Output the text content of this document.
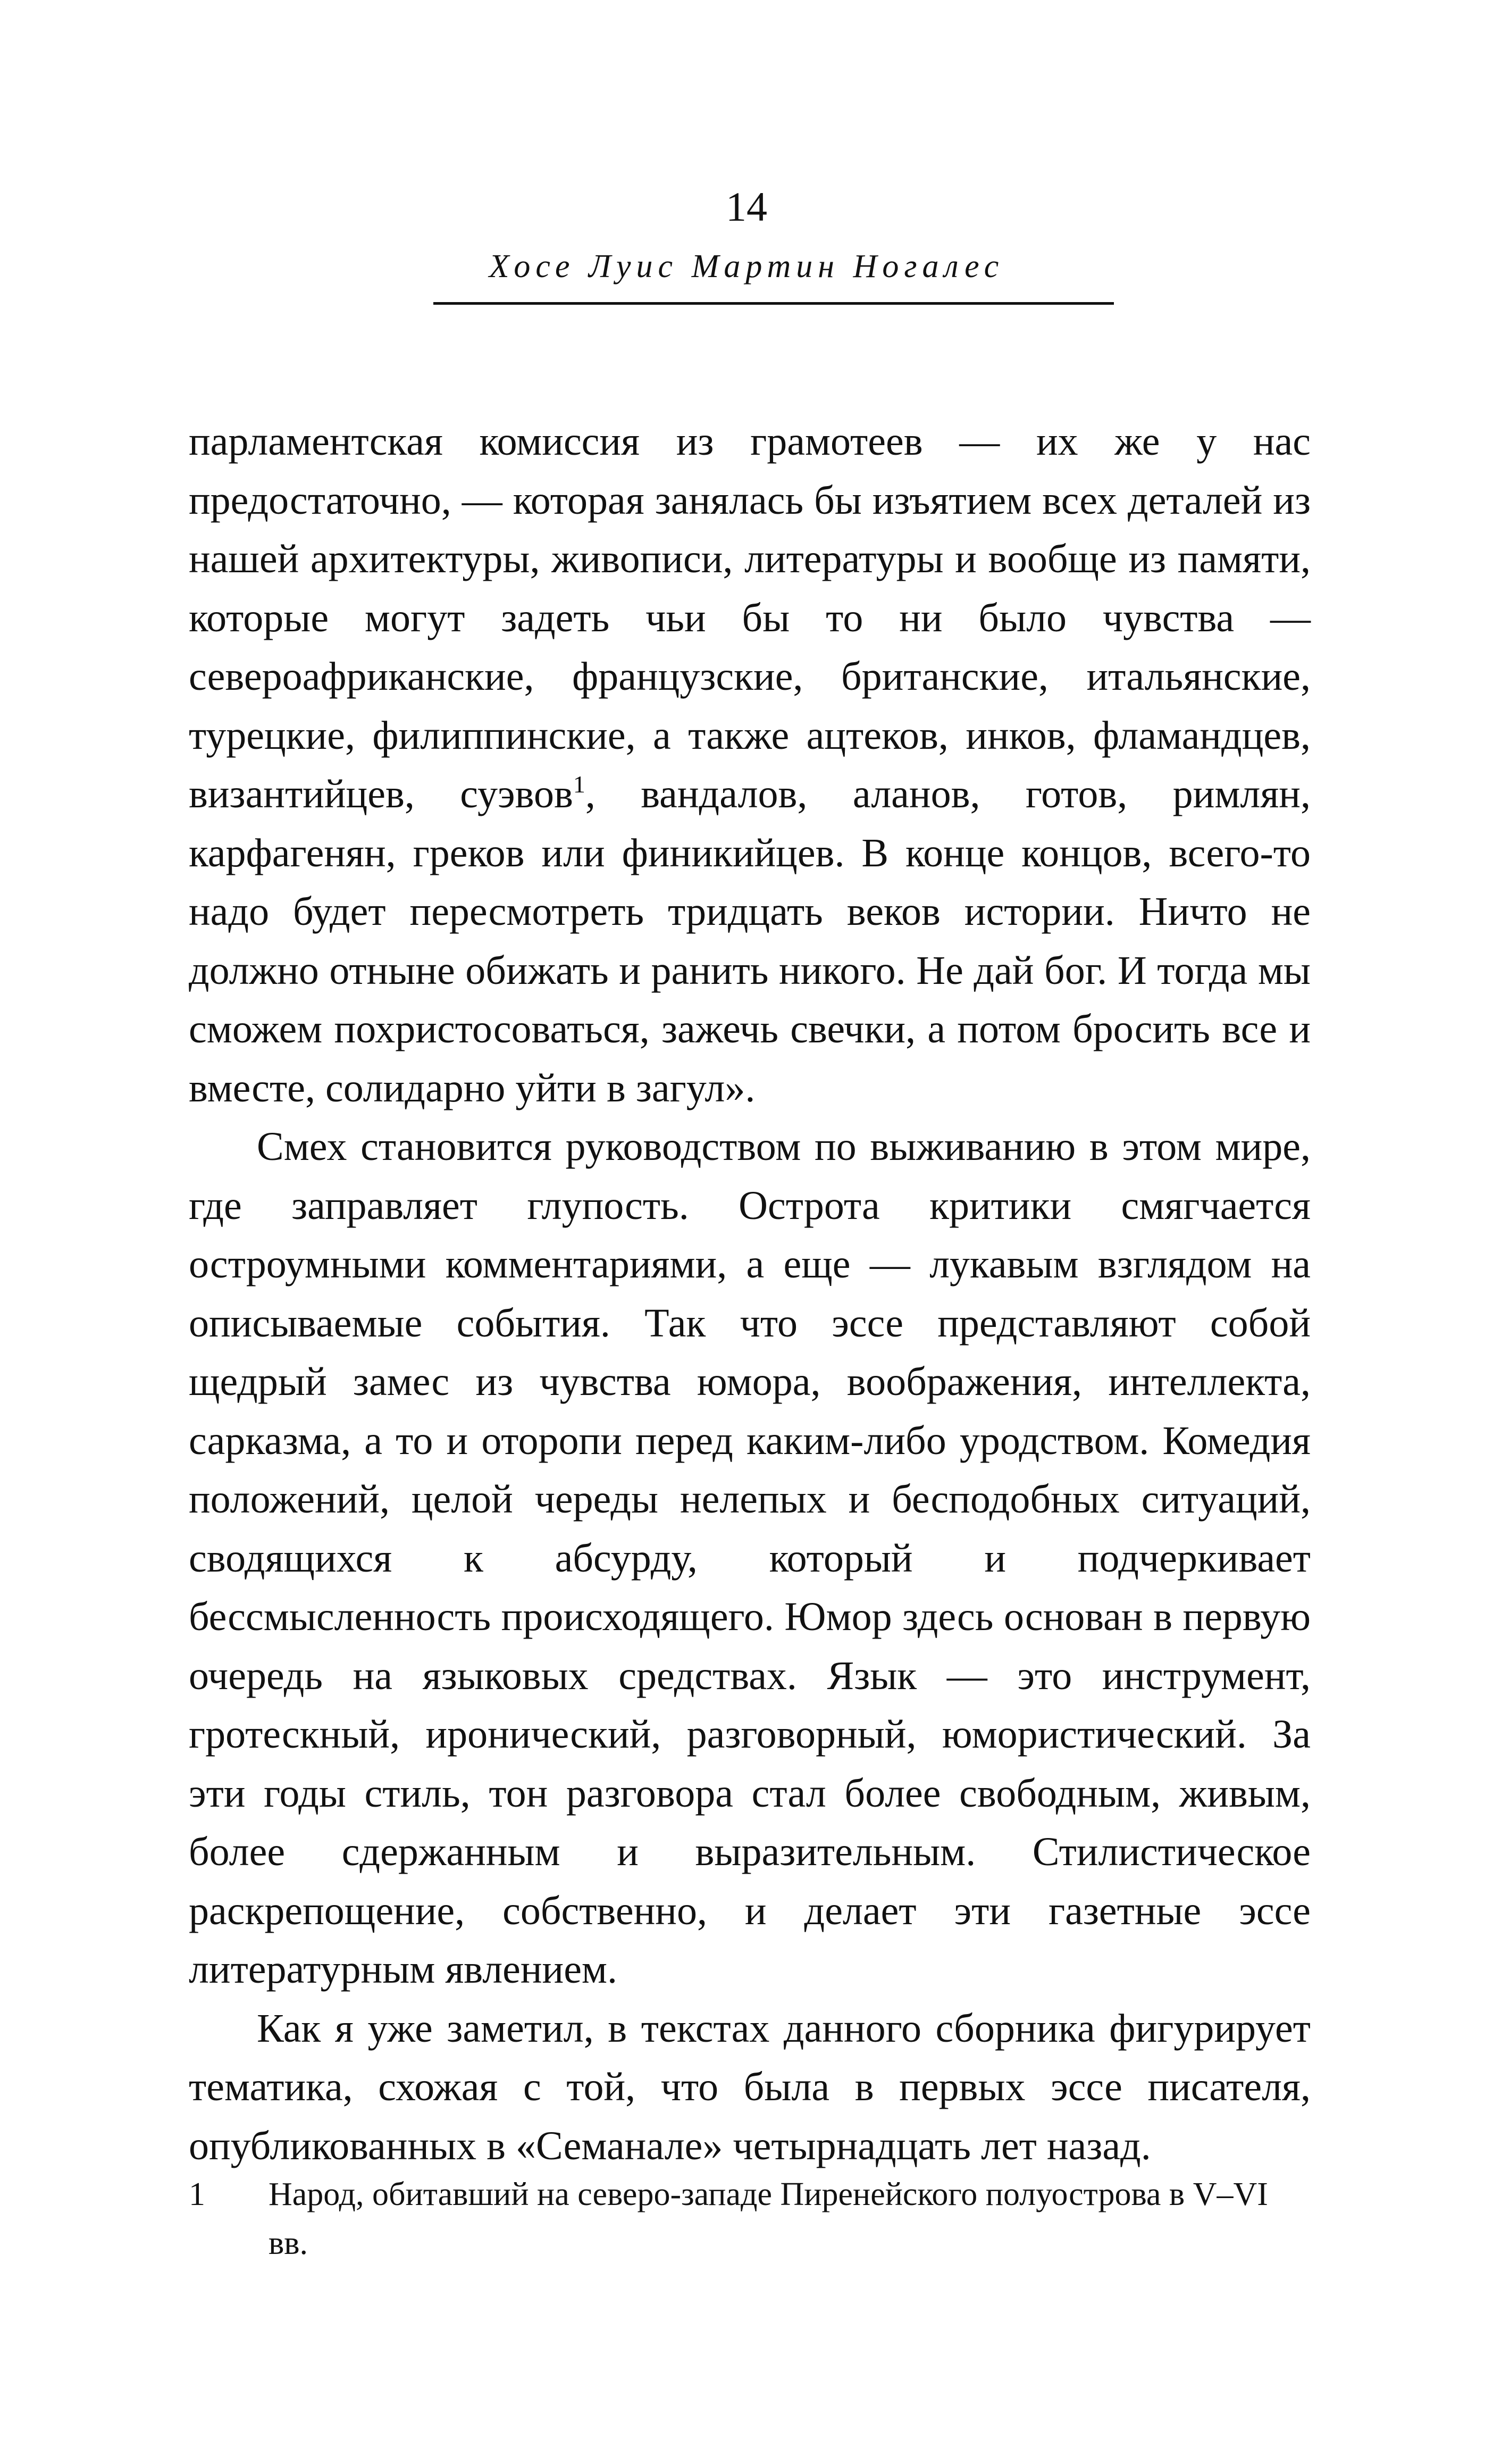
14
Хосе Луис Мартин Ногалес

парламентская комиссия из грамотеев — их же у нас предостаточно, — которая занялась бы изъятием всех деталей из нашей архитектуры, живописи, литературы и вообще из памяти, которые могут задеть чьи бы то ни было чувства — североафриканские, французские, британские, итальянские, турецкие, филиппинские, а также ацтеков, инков, фламандцев, византийцев, суэвов$^1$, вандалов, аланов, готов, римлян, карфагенян, греков или финикийцев. В конце концов, всего-то надо будет пересмотреть тридцать веков истории. Ничто не должно отныне обижать и ранить никого. Не дай бог. И тогда мы сможем похристосоваться, зажечь свечки, а потом бросить все и вместе, солидарно уйти в загул».

Смех становится руководством по выживанию в этом мире, где заправляет глупость. Острота критики смягчается остроумными комментариями, а еще — лукавым взглядом на описываемые события. Так что эссе представляют собой щедрый замес из чувства юмора, воображения, интеллекта, сарказма, а то и оторопи перед каким-либо уродством. Комедия положений, целой череды нелепых и бесподобных ситуаций, сводящихся к абсурду, который и подчеркивает бессмысленность происходящего. Юмор здесь основан в первую очередь на языковых средствах. Язык — это инструмент, гротескный, иронический, разговорный, юмористический. За эти годы стиль, тон разговора стал более свободным, живым, более сдержанным и выразительным. Стилистическое раскрепощение, собственно, и делает эти газетные эссе литературным явлением.

Как я уже заметил, в текстах данного сборника фигурирует тематика, схожая с той, что была в первых эссе писателя, опубликованных в «Семанале» четырнадцать лет назад.

1	Народ, обитавший на северо-западе Пиренейского полуострова в V–VI вв.
